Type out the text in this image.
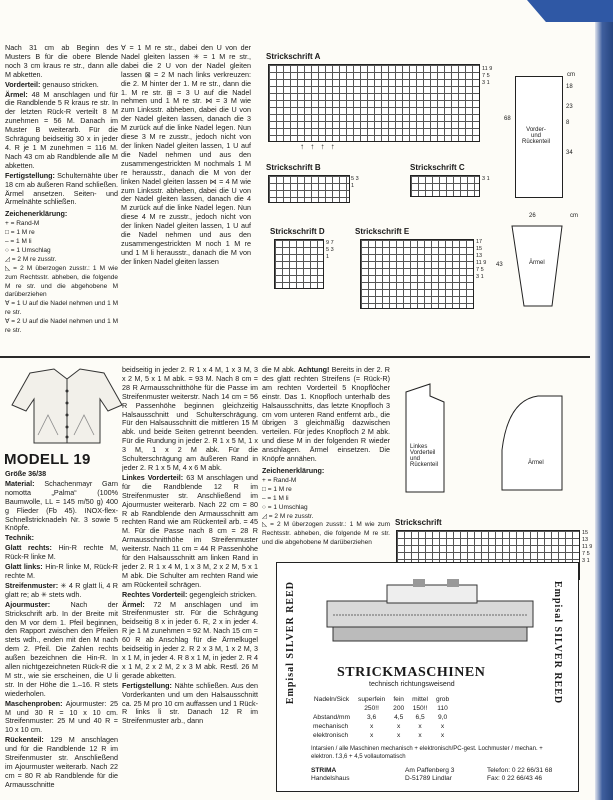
Nach 31 cm ab Beginn des Musters B für die obere Blende noch 3 cm kraus re str., dann alle M abketten.

Vorderteil: genauso stricken.

Ärmel: 48 M anschlagen und für die Randblende 5 R kraus re str. In der letzten Rück-R verteilt 8 M zunehmen = 56 M. Danach im Muster B weiterarb. Für die Schrägung beidseitig 30 x in jeder 4. R je 1 M zunehmen = 116 M. Nach 43 cm ab Randblende alle M abketten.

Fertigstellung: Schulternähte über 18 cm ab äußeren Rand schließen. Ärmel ansetzen. Seiten- und Ärmelnähte schließen.

Zeichenerklärung:

+ = Rand-M
□ = 1 M re
– = 1 M li
○ = 1 Umschlag
◿ = 2 M re zusstr.
◺ = 2 M überzogen zusstr.: 1 M wie zum Rechtsstr. abheben, die folgende M re str. und die abgehobene M darüberziehen
∀ = 1 U auf die Nadel nehmen und 1 M re str.
∀ = 2 U auf die Nadel nehmen und 1 M re str.

∀ = 1 M re str., dabei den U von der Nadel gleiten lassen ✳ = 1 M re str., dabei die 2 U von der Nadel gleiten lassen ⊠ = 2 M nach links verkreuzen: die 2. M hinter der 1. M re str., dann die 1. M re str. ⊞ = 3 U auf die Nadel nehmen und 1 M re str. ⋈ = 3 M wie zum Linksstr. abheben, dabei die U von der Nadel gleiten lassen, danach die 3 M zurück auf die linke Nadel legen. Nun diese 3 M re zusstr., jedoch nicht von der linken Nadel gleiten lassen, 1 U auf die Nadel nehmen und aus den zusammengestrickten M nochmals 1 M re herausstr., danach die M von der linken Nadel gleiten lassen ⋈ = 4 M wie zum Linksstr. abheben, dabei die U von der Nadel gleiten lassen, danach die 4 M zurück auf die linke Nadel legen. Nun diese 4 M re zusstr., jedoch nicht von der linken Nadel gleiten lassen, 1 U auf die Nadel nehmen und aus den zusammengestrickten M noch 1 M re und 1 M li herausstr., danach die M von der linken Nadel gleiten lassen

Strickschrift A
11 9 7 5 3 1
↑ ↑ ↑ ↑
Strickschrift B
5 3 1
Strickschrift C
3 1
Strickschrift D
9 7 5 3 1
Strickschrift E
17 15 13 11 9 7 5 3 1
cm
Vorder-
und
Rückenteil
18
23
8
68
34
cm
26
Ärmel
43
MODELL 19

Größe 36/38

Material: Schachenmayr Garn nomotta „Palma“ (100% Baumwolle, LL = 145 m/50 g) 400 g Flieder (Fb 45). INOX-flex-Schnellstricknadeln Nr. 3 sowie 5 Knöpfe.

Technik:

Glatt rechts: Hin-R rechte M, Rück-R linke M.

Glatt links: Hin-R linke M, Rück-R rechte M.

Streifenmuster: ✳ 4 R glatt li, 4 R glatt re; ab ✳ stets wdh.

Ajourmuster:	Nach der Strickschrift arb. In der Breite mit den M vor dem 1. Pfeil beginnen, den Rapport zwischen den Pfeilen stets wdh., enden mit den M nach dem 2. Pfeil. Die Zahlen rechts außen bezeichnen die Hin-R. In allen nichtgezeichneten Rück-R die M str., wie sie erscheinen, die U li str. In der Höhe die 1.–16. R stets wiederholen.

Maschenproben: Ajourmuster: 25 M und 30 R = 10 x 10 cm. Streifenmuster: 25 M und 40 R = 10 x 10 cm.

Rückenteil: 129 M anschlagen und für die Randblende 12 R im Streifenmuster str. Anschließend im Ajourmuster weiterarb. Nach 22 cm = 80 R ab Randblende für die Armausschnitte

beidseitig in jeder 2. R 1 x 4 M, 1 x 3 M, 3 x 2 M, 5 x 1 M abk. = 93 M. Nach 8 cm = 28 R Armausschnitthöhe für die Passe im Streifenmuster weiterstr. Nach 14 cm = 56 R Passenhöhe beginnen gleichzeitig Halsausschnitt und Schulterschrägung. Für den Halsausschnitt die mittleren 15 M abk. und beide Seiten getrennt beenden. Für die Rundung in jeder 2. R 1 x 5 M, 1 x 3 M, 1 x 2 M abk. Für die Schulterschrägung am äußeren Rand in jeder 2. R 1 x 5 M, 4 x 6 M abk.

Linkes Vorderteil: 63 M anschlagen und für die Randblende 12 R im Streifenmuster str. Anschließend im Ajourmuster weiterarb. Nach 22 cm = 80 R ab Randblende den Armausschnitt am rechten Rand wie am Rückenteil arb. = 45 M. Für die Passe nach 8 cm = 28 R Armausschnitthöhe im Streifenmuster weiterstr. Nach 11 cm = 44 R Passenhöhe für den Halsausschnitt am linken Rand in jeder 2. R 1 x 4 M, 1 x 3 M, 2 x 2 M, 5 x 1 M abk. Die Schulter am rechten Rand wie am Rückenteil schrägen.

Rechtes Vorderteil: gegengleich stricken.

Ärmel: 72 M anschlagen und im Streifenmuster str. Für die Schrägung beidseitig 8 x in jeder 6. R, 2 x in jeder 4. R je 1 M zunehmen = 92 M. Nach 15 cm = 60 R ab Anschlag für die Ärmelkugel beidseitig in jeder 2. R 2 x 3 M, 1 x 2 M, 3 x 1 M, in jeder 4. R 8 x 1 M, in jeder 2. R 4 x 1 M, 2 x 2 M, 2 x 3 M abk. Restl. 26 M gerade abketten.

Fertigstellung: Nähte schließen. Aus den Vorderkanten und um den Halsausschnitt ca. 25 M pro 10 cm auffassen und 1 Rück-R links li str. Danach 12 R im Streifenmuster arb., dann

die M abk. Achtung! Bereits in der 2. R des glatt rechten Streifens (= Rück-R) am rechten Vorderteil 5 Knopflöcher einstr. Das 1. Knopfloch unterhalb des Halsausschnitts, das letzte Knopfloch 3 cm vom unteren Rand entfernt arb., die übrigen 3 gleichmäßig dazwischen verteilen. Für jedes Knopfloch 2 M abk. und diese M in der folgenden R wieder anschlagen. Ärmel einsetzen. Die Knöpfe annähen.

Zeichenerklärung:

+ = Rand-M
□ = 1 M re
– = 1 M li
○ = 1 Umschlag
◿ = 2 M re zusstr.
◺ = 2 M überzogen zusstr.: 1 M wie zum Rechtsstr. abheben, die folgende M re str. und die abgehobene M darüberziehen
Linkes
Vorderteil
und
Rückenteil	Ärmel
Strickschrift
15 13 11 9 7 5 3 1
Empisal SILVER REED	Empisal SILVER REED
STRICKMASCHINEN
technisch richtungsweisend
Nadeln/Sick	superfein	fein	mittel	grob
	250!!	200	150!!	110
Abstand/mm	3,6	4,5	6,5	9,0
mechanisch	x	x	x	x
elektronisch	x	x	x	x
Intarsien / alle Maschinen mechanisch + elektronisch/PC-gest. Lochmuster / mechan. + elektron. f.3,6 + 4,5 vollautomatisch
STRIMA
Handelshaus
Am Paffenberg 3
D-51789 Lindlar
Telefon: 0 22 66/31 68
Fax: 0 22 66/43 46
